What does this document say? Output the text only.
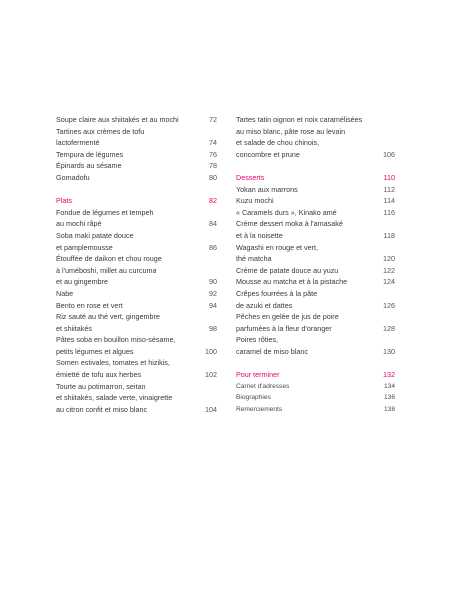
Soupe claire aux shiitakés et au mochi	72
Tartines aux crèmes de tofu
lactofermenté	74
Tempura de légumes	76
Épinards au sésame	78
Gomadofu	80
Plats	82
Fondue de légumes et tempeh
au mochi râpé	84
Soba maki patate douce
et pamplemousse	86
Étouffée de daikon et chou rouge
à l'uméboshi, millet au curcuma
et au gingembre	90
Nabe	92
Bento en rose et vert	94
Riz sauté au thé vert, gingembre
et shiitakés	98
Pâtes soba en bouillon miso-sésame,
petits légumes et algues	100
Somen estivales, tomates et hizikis,
émietté de tofu aux herbes	102
Tourte au potimarron, seitan
et shiitakés, salade verte, vinaigrette
au citron confit et miso blanc	104
Tartes tatin oignon et noix caramélisées
au miso blanc, pâte rose au levain
et salade de chou chinois,
concombre et prune	106
Desserts	110
Yokan aux marrons	112
Kuzu mochi	114
« Caramels durs », Kinako amé	116
Crème dessert moka à l'amasaké
et à la noisette	118
Wagashi en rouge et vert,
thé matcha	120
Crème de patate douce au yuzu	122
Mousse au matcha et à la pistache	124
Crêpes fourrées à la pâte
de azuki et dattes	126
Pêches en gelée de jus de poire
parfumées à la fleur d'oranger	128
Poires rôties,
caramel de miso blanc	130
Pour terminer	132
Carnet d'adresses	134
Biographies	136
Remerciements	138
